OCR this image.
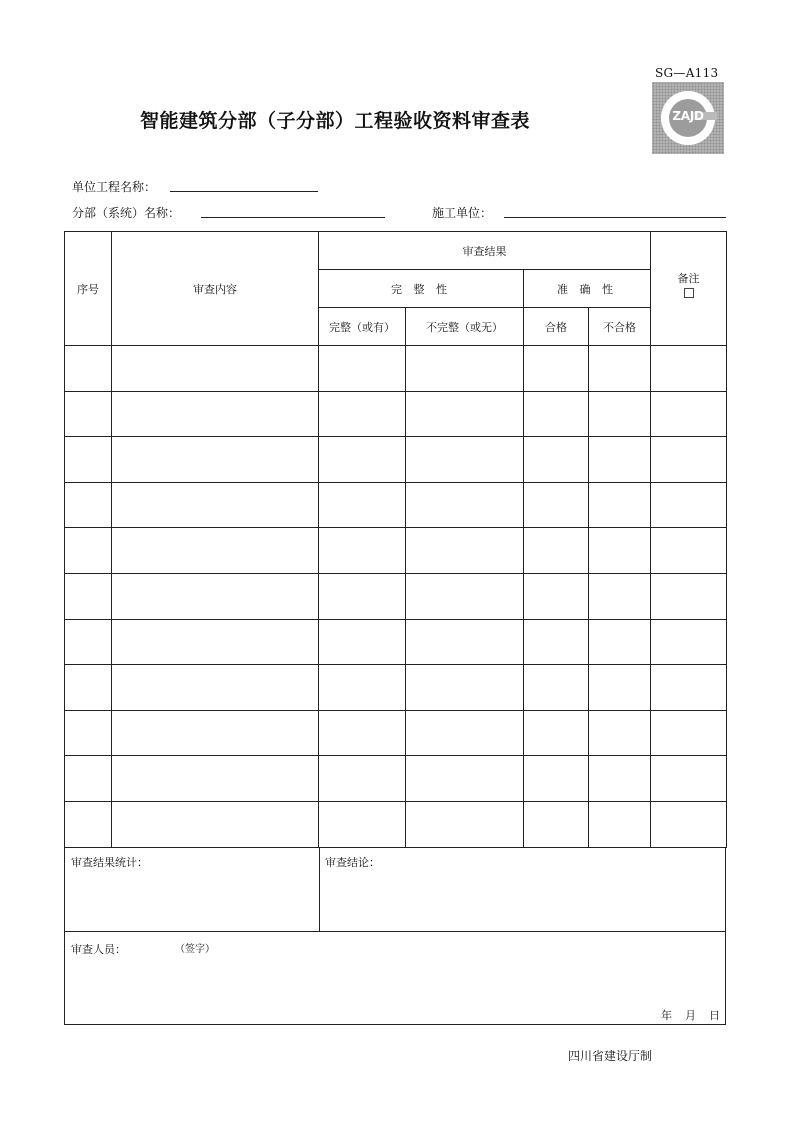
SG—A113
ZAJD
智能建筑分部（子分部）工程验收资料审查表
单位工程名称：
分部（系统）名称：	施工单位：
序号	审查内容	审查结果				备注

		完 整 性		准 确 性		
		完整（或有）	不完整（或无）	合格	不合格	

审查结果统计：	审查结论：
审查人员：	（签字）
年 月 日
四川省建设厅制
